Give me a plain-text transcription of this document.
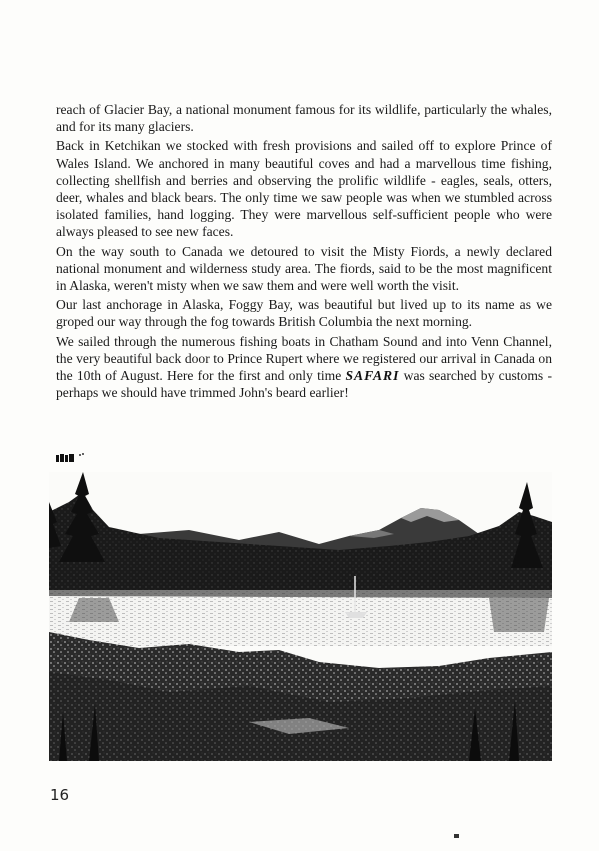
reach of Glacier Bay, a national monument famous for its wildlife, particularly the whales, and for its many glaciers.

Back in Ketchikan we stocked with fresh provisions and sailed off to explore Prince of Wales Island. We anchored in many beautiful coves and had a marvellous time fishing, collecting shellfish and berries and observing the prolific wildlife - eagles, seals, otters, deer, whales and black bears. The only time we saw people was when we stumbled across isolated families, hand logging. They were marvellous self-sufficient people who were always pleased to see new faces.

On the way south to Canada we detoured to visit the Misty Fiords, a newly declared national monument and wilderness study area. The fiords, said to be the most magnificent in Alaska, weren't misty when we saw them and were well worth the visit.

Our last anchorage in Alaska, Foggy Bay, was beautiful but lived up to its name as we groped our way through the fog towards British Columbia the next morning.

We sailed through the numerous fishing boats in Chatham Sound and into Venn Channel, the very beautiful back door to Prince Rupert where we registered our arrival in Canada on the 10th of August. Here for the first and only time SAFARI was searched by customs - perhaps we should have trimmed John's beard earlier!

16
